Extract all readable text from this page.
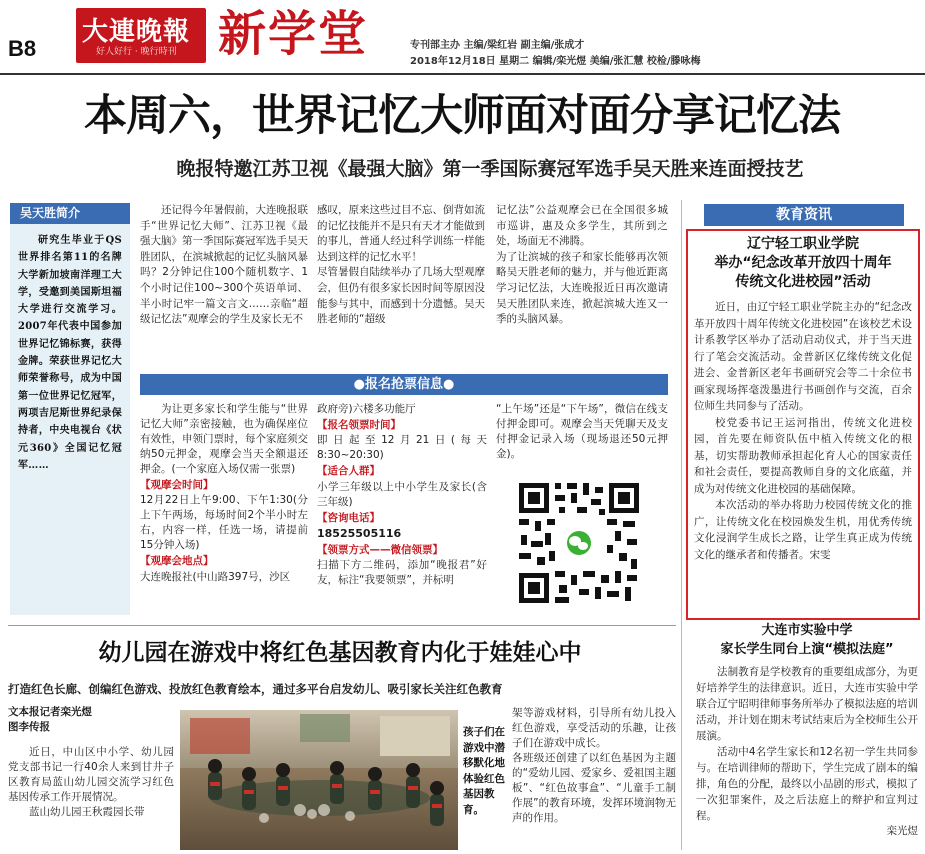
B8
大連晚報
好人好行 · 晚行時刊 新学堂	专刊部主办 主编/梁红岩 副主编/张成才
2018年12月18日 星期二 编辑/栾光煜 美编/张汇慧 校检/滕咏梅
本周六，世界记忆大师面对面分享记忆法
晚报特邀江苏卫视《最强大脑》第一季国际赛冠军选手吴天胜来连面授技艺
吴天胜简介
研究生毕业于QS世界排名第11的名牌大学新加坡南洋理工大学，受邀到美国斯坦福大学进行交流学习。2007年代表中国参加世界记忆锦标赛，获得金牌。荣获世界记忆大师荣誉称号，成为中国第一位世界记忆冠军，两项吉尼斯世界纪录保持者，中央电视台《状元360》全国记忆冠军……
还记得今年暑假前，大连晚报联手“世界记忆大师”、江苏卫视《最强大脑》第一季国际赛冠军选手吴天胜团队，在滨城掀起的记忆头脑风暴吗？2分钟记住100个随机数字、1个小时记住100~300个英语单词、半小时记牢一篇文言文……亲临“超级记忆法”观摩会的学生及家长无不
感叹，原来这些过目不忘、倒背如流的记忆技能并不是只有天才才能做到的事儿，普通人经过科学训练一样能达到这样的记忆水平！
尽管暑假自陆续举办了几场大型观摩会，但仍有很多家长因时间等原因没能参与其中，而感到十分遗憾。吴天胜老师的“超级
记忆法”公益观摩会已在全国很多城市巡讲，惠及众多学生，其所到之处，场面无不沸腾。
为了让滨城的孩子和家长能够再次领略吴天胜老师的魅力，并与他近距离学习记忆法，大连晚报近日再次邀请吴天胜团队来连，掀起滨城大连又一季的头脑风暴。
●报名抢票信息●
为让更多家长和学生能与“世界记忆大师”亲密接触，也为确保座位有效性，申领门票时，每个家庭须交纳50元押金，观摩会当天全额退还押金。(一个家庭入场仅需一张票)
【观摩会时间】
12月22日上午9:00、下午1:30(分上下午两场，每场时间2个半小时左右，内容一样，任选一场，请提前15分钟入场)
【观摩会地点】
大连晚报社(中山路397号，沙区
政府旁)六楼多功能厅
【报名领票时间】
即日起至12月21日(每天8:30~20:30)
【适合人群】
小学三年级以上中小学生及家长(含三年级)
【咨询电话】
18525505116
【领票方式——微信领票】
扫描下方二维码，添加“晚报君”好友，标注“我要领票”，并标明
“上午场”还是“下午场”，微信在线支付押金即可。观摩会当天凭聊天及支付押金记录入场（现场退还50元押金)。
教育资讯
辽宁轻工职业学院
举办“纪念改革开放四十周年
传统文化进校园”活动
近日，由辽宁轻工职业学院主办的“纪念改革开放四十周年传统文化进校园”在该校艺术设计系教学区举办了活动启动仪式，并于当天进行了笔会交流活动。金普新区亿缘传统文化促进会、金普新区老年书画研究会等二十余位书画家现场挥毫泼墨进行书画创作与交流，百余位师生共同参与了活动。
校党委书记王运河指出，传统文化进校园，首先要在师资队伍中植入传统文化的根基，切实帮助教师承担起化育人心的国家责任和社会责任，要提高教师自身的文化底蕴，并成为对传统文化进校园的基础保障。
本次活动的举办将助力校园传统文化的推广，让传统文化在校园焕发生机，用优秀传统文化浸润学生成长之路，让学生真正成为传统文化的继承者和传播者。宋雯
大连市实验中学
家长学生同台上演“模拟法庭”
法制教育是学校教育的重要组成部分，为更好培养学生的法律意识。近日，大连市实验中学联合辽宁昭明律师事务所举办了模拟法庭的培训活动，并计划在期末考试结束后为全校师生公开展演。
活动中4名学生家长和12名初一学生共同参与。在培训律师的帮助下，学生完成了剧本的编排，角色的分配，最终以小品剧的形式，模拟了一次犯罪案件，及之后法庭上的辩护和宣判过程。
栾光煜
幼儿园在游戏中将红色基因教育内化于娃娃心中
打造红色长廊、创编红色游戏、投放红色教育绘本，通过多平台启发幼儿、吸引家长关注红色教育
文本报记者栾光煜
图李传报
近日，中山区中小学、幼儿园党支部书记一行40余人来到甘井子区教育局蓝山幼儿园交流学习红色基因传承工作开展情况。
蓝山幼儿园王秋霞园长带
孩子们在游戏中潜移默化地体验红色基因教育。
架等游戏材料，引导所有幼儿投入红色游戏，享受活动的乐趣，让孩子们在游戏中成长。
各班级还创建了以红色基因为主题的“爱幼儿园、爱家乡、爱祖国主题板”、“红色故事盒”、“儿童手工制作展”的教育环境，发挥环境润物无声的作用。
